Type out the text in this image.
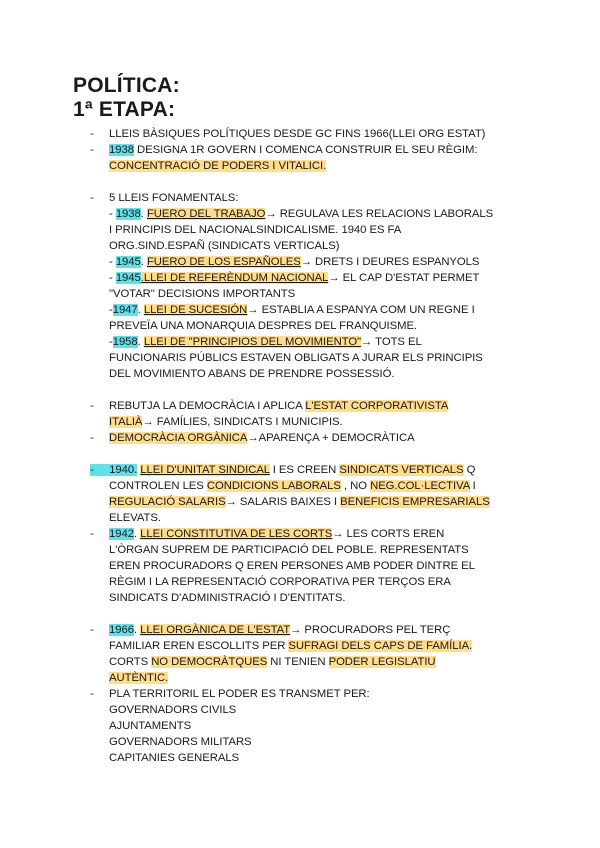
POLÍTICA:
1ª ETAPA:
- LLEIS BÀSIQUES POLÍTIQUES DESDE GC FINS 1966(LLEI ORG ESTAT)
- 1938 DESIGNA 1R GOVERN I COMENCA CONSTRUIR EL SEU RÈGIM:
CONCENTRACIÓ DE PODERS I VITALICI.
- 5 LLEIS FONAMENTALS:
- 1938. FUERO DEL TRABAJO→ REGULAVA LES RELACIONS LABORALS
I PRINCIPIS DEL NACIONALSINDICALISME. 1940 ES FA
ORG.SIND.ESPAÑ (SINDICATS VERTICALS)
- 1945. FUERO DE LOS ESPAÑOLES→ DRETS I DEURES ESPANYOLS
- 1945.LLEI DE REFERÈNDUM NACIONAL→ EL CAP D'ESTAT PERMET
"VOTAR" DECISIONS IMPORTANTS
-1947. LLEI DE SUCESIÓN→ ESTABLIA A ESPANYA COM UN REGNE I
PREVEÏA UNA MONARQUIA DESPRES DEL FRANQUISME.
-1958. LLEI DE "PRINCIPIOS DEL MOVIMIENTO"→ TOTS EL
FUNCIONARIS PÚBLICS ESTAVEN OBLIGATS A JURAR ELS PRINCIPIS
DEL MOVIMIENTO ABANS DE PRENDRE POSSESSIÓ.
- REBUTJA LA DEMOCRÀCIA I APLICA L'ESTAT CORPORATIVISTA
ITALIÀ→ FAMÍLIES, SINDICATS I MUNICIPIS.
- DEMOCRÀCIA ORGÀNICA→APARENÇA + DEMOCRÀTICA
- 1940. LLEI D'UNITAT SINDICAL I ES CREEN SINDICATS VERTICALS Q
CONTROLEN LES CONDICIONS LABORALS , NO NEG.COL·LECTIVA I
REGULACIÓ SALARIS→ SALARIS BAIXES I BENEFICIS EMPRESARIALS
ELEVATS.
- 1942. LLEI CONSTITUTIVA DE LES CORTS→ LES CORTS EREN
L'ÒRGAN SUPREM DE PARTICIPACIÓ DEL POBLE. REPRESENTATS
EREN PROCURADORS Q EREN PERSONES AMB PODER DINTRE EL
RÈGIM I LA REPRESENTACIÓ CORPORATIVA PER TERÇOS ERA
SINDICATS D'ADMINISTRACIÓ I D'ENTITATS.
- 1966. LLEI ORGÀNICA DE L'ESTAT→ PROCURADORS PEL TERÇ
FAMILIAR EREN ESCOLLITS PER SUFRAGI DELS CAPS DE FAMÍLIA.
CORTS NO DEMOCRÀTQUES NI TENIEN PODER LEGISLATIU
AUTÈNTIC.
- PLA TERRITORIL EL PODER ES TRANSMET PER:
GOVERNADORS CIVILS
AJUNTAMENTS
GOVERNADORS MILITARS
CAPITANIES GENERALS
